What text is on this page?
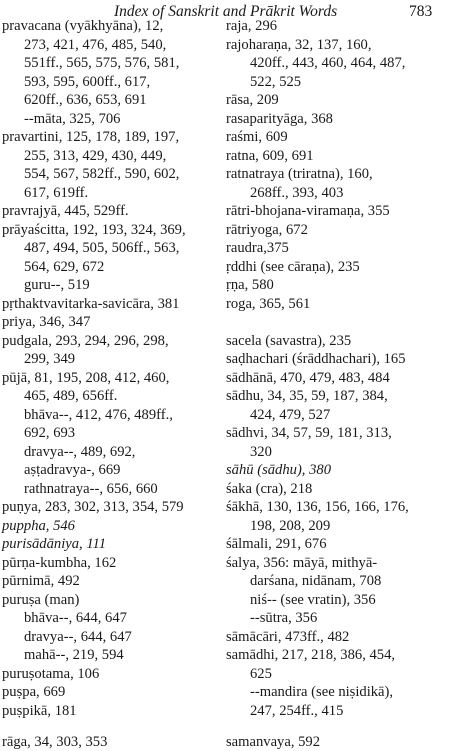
Index of Sanskrit and Prākrit Words	783
pravacana (vyākhyāna), 12,
273, 421, 476, 485, 540,
551ff., 565, 575, 576, 581,
593, 595, 600ff., 617,
620ff., 636, 653, 691
--māta, 325, 706
pravartini, 125, 178, 189, 197,
255, 313, 429, 430, 449,
554, 567, 582ff., 590, 602,
617, 619ff.
pravrajyā, 445, 529ff.
prāyaścitta, 192, 193, 324, 369,
487, 494, 505, 506ff., 563,
564, 629, 672
guru--, 519
pṛthaktvavitarka-savicāra, 381
priya, 346, 347
pudgala, 293, 294, 296, 298,
299, 349
pūjā, 81, 195, 208, 412, 460,
465, 489, 656ff.
bhāva--, 412, 476, 489ff.,
692, 693
dravya--, 489, 692,
aṣṭadravya-, 669
rathnatraya--, 656, 660
puṇya, 283, 302, 313, 354, 579
puppha, 546
purisādāniya, 111
pūrṇa-kumbha, 162
pūrnimā, 492
puruṣa (man)
bhāva--, 644, 647
dravya--, 644, 647
mahā--, 219, 594
puruṣotama, 106
puṣpa, 669
puṣpikā, 181
rāga, 34, 303, 353
raja, 296
rajoharaṇa, 32, 137, 160,
420ff., 443, 460, 464, 487,
522, 525
rāsa, 209
rasaparityāga, 368
raśmi, 609
ratna, 609, 691
ratnatraya (triratna), 160,
268ff., 393, 403
rātri-bhojana-viramaṇa, 355
rātriyoga, 672
raudra,375
ṛddhi (see cāraṇa), 235
ṛṇa, 580
roga, 365, 561
sacela (savastra), 235
saḍhachari (śrāddhachari), 165
sādhānā, 470, 479, 483, 484
sādhu, 34, 35, 59, 187, 384,
424, 479, 527
sādhvi, 34, 57, 59, 181, 313,
320
sāhū (sādhu), 380
śaka (cra), 218
śākhā, 130, 136, 156, 166, 176,
198, 208, 209
śālmali, 291, 676
śalya, 356: māyā, mithyā-
darśana, nidānam, 708
niś-- (see vratin), 356
--sūtra, 356
sāmācāri, 473ff., 482
samādhi, 217, 218, 386, 454,
625
--mandira (see niṣidikā),
247, 254ff., 415
samanvaya, 592
